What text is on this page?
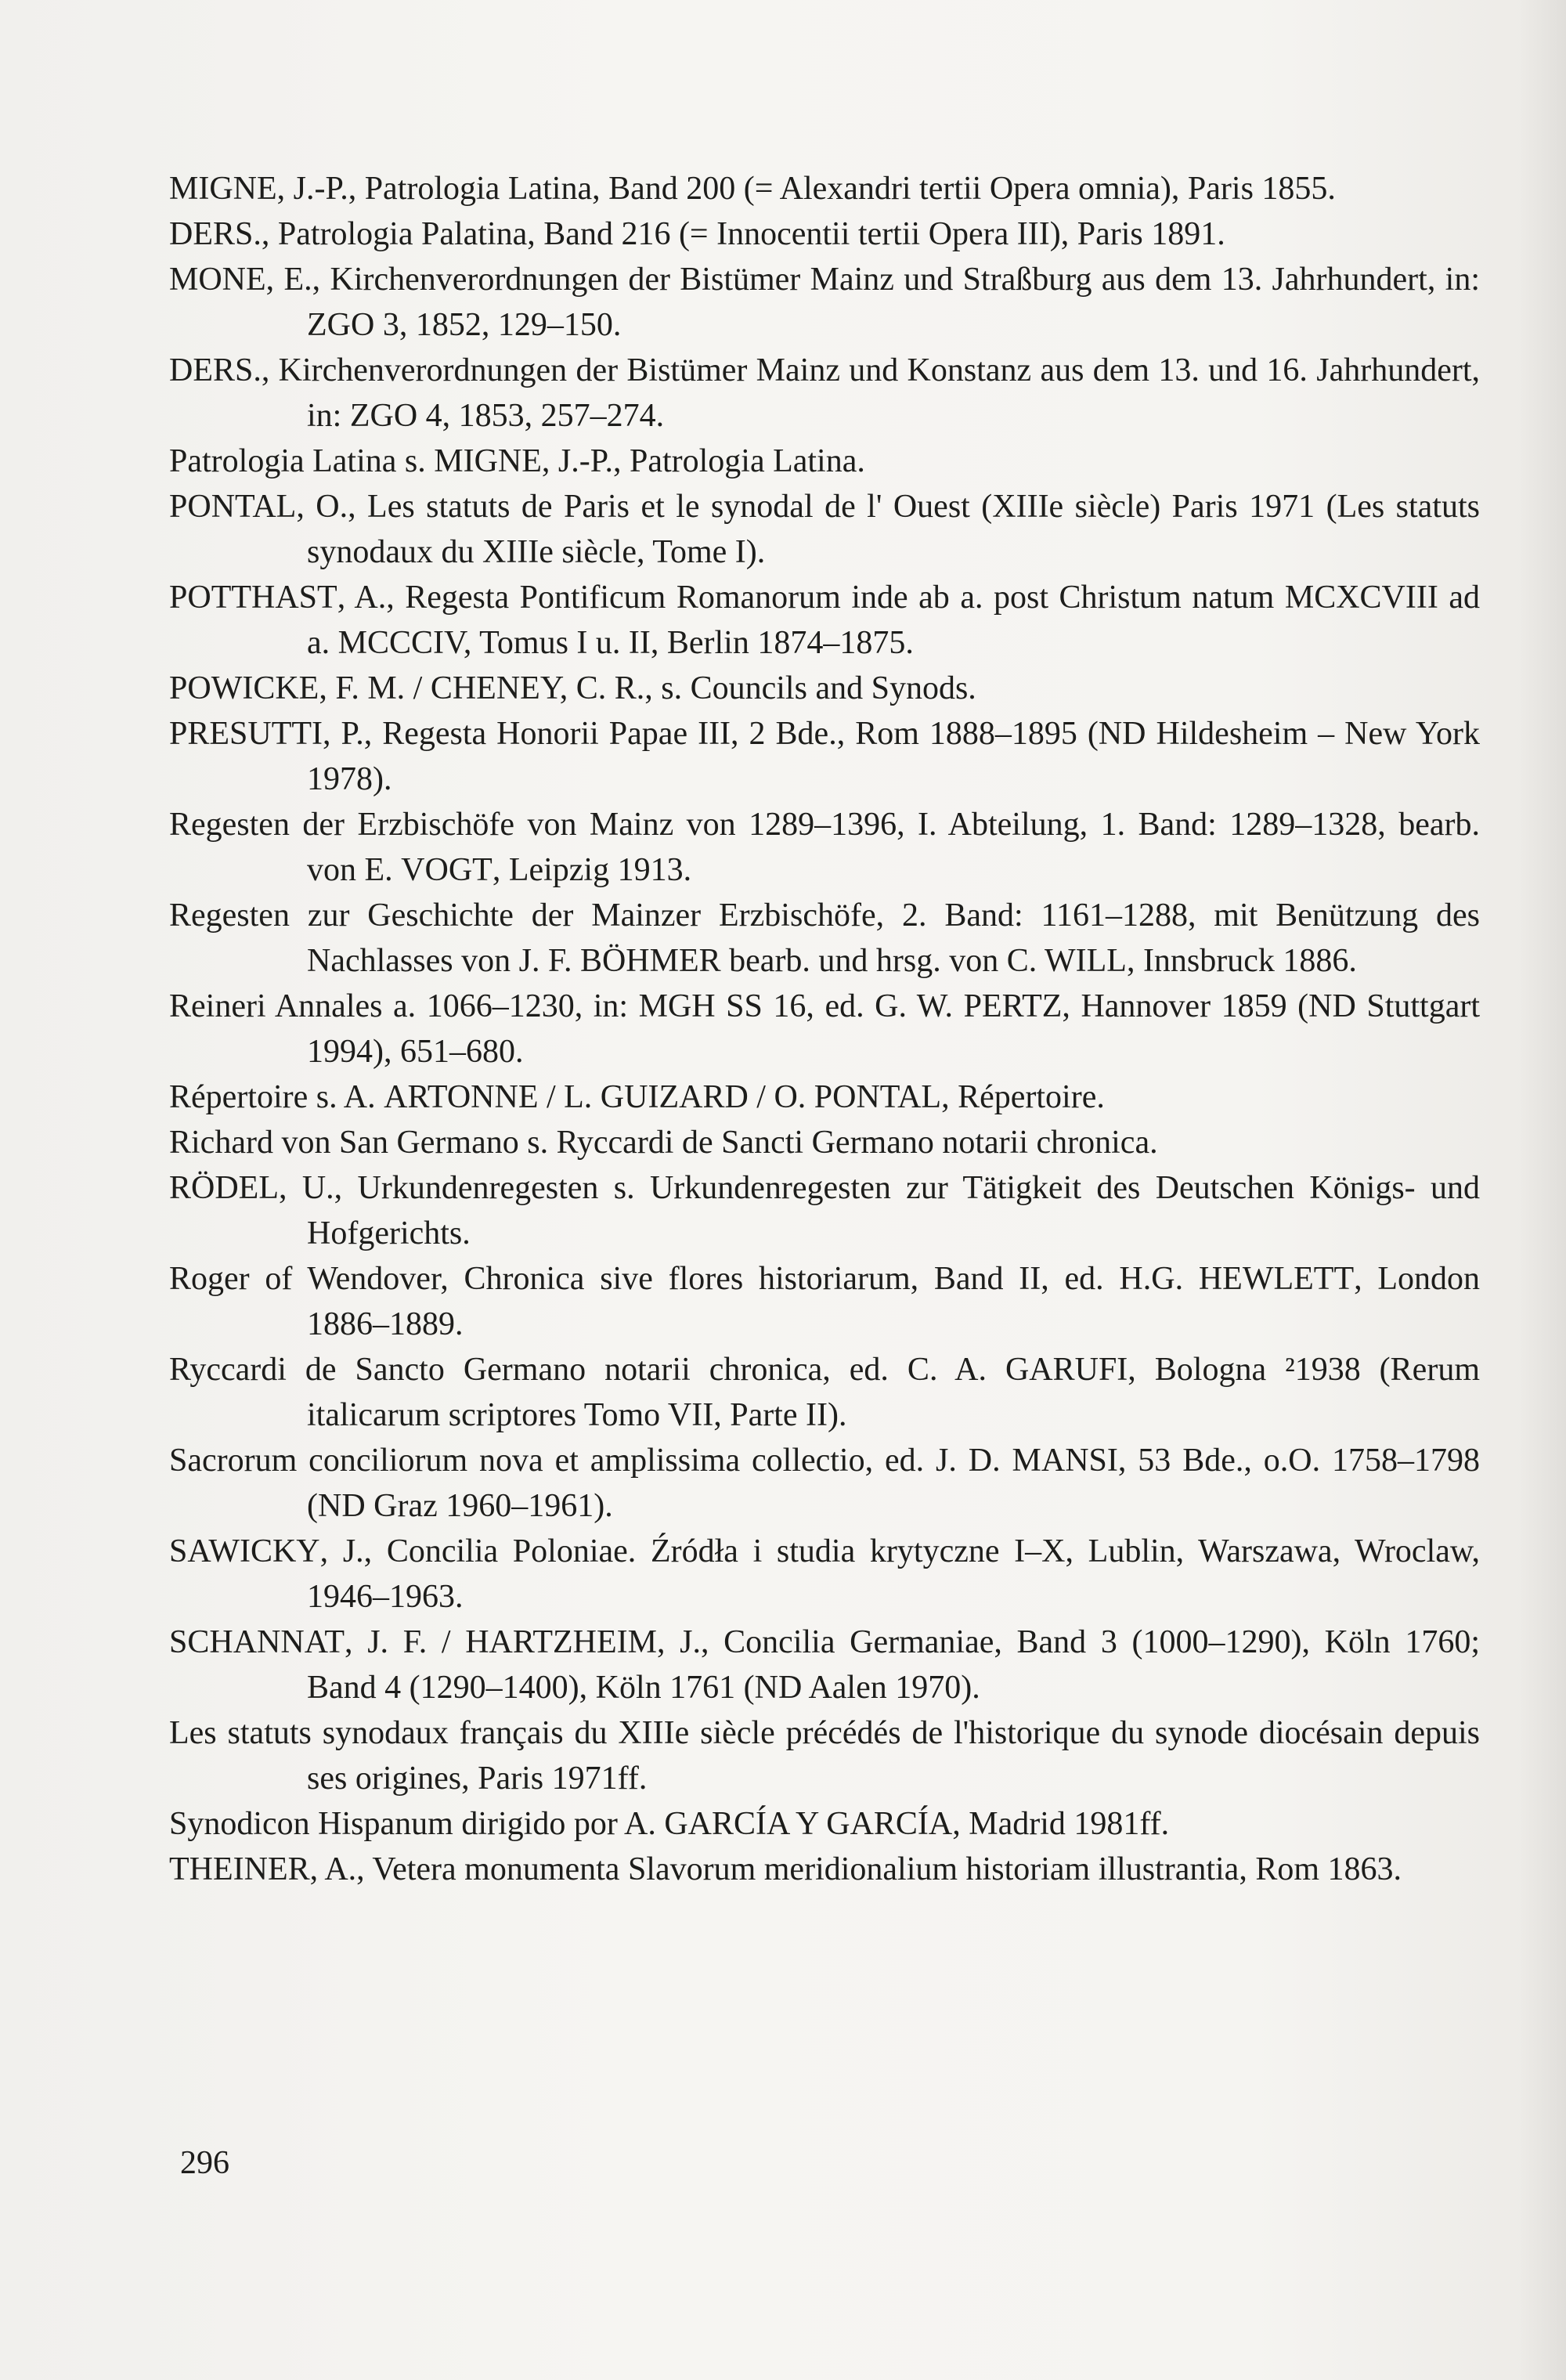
MIGNE, J.-P., Patrologia Latina, Band 200 (= Alexandri tertii Opera omnia), Paris 1855.

DERS., Patrologia Palatina, Band 216 (= Innocentii tertii Opera III), Paris 1891.

MONE, E., Kirchenverordnungen der Bistümer Mainz und Straßburg aus dem 13. Jahrhundert, in: ZGO 3, 1852, 129–150.

DERS., Kirchenverordnungen der Bistümer Mainz und Konstanz aus dem 13. und 16. Jahrhundert, in: ZGO 4, 1853, 257–274.

Patrologia Latina s. MIGNE, J.-P., Patrologia Latina.

PONTAL, O., Les statuts de Paris et le synodal de l' Ouest (XIIIe siècle) Paris 1971 (Les statuts synodaux du XIIIe siècle, Tome I).

POTTHAST, A., Regesta Pontificum Romanorum inde ab a. post Christum natum MCXCVIII ad a. MCCCIV, Tomus I u. II, Berlin 1874–1875.

POWICKE, F. M. / CHENEY, C. R., s. Councils and Synods.

PRESUTTI, P., Regesta Honorii Papae III, 2 Bde., Rom 1888–1895 (ND Hildesheim – New York 1978).

Regesten der Erzbischöfe von Mainz von 1289–1396, I. Abteilung, 1. Band: 1289–1328, bearb. von E. VOGT, Leipzig 1913.

Regesten zur Geschichte der Mainzer Erzbischöfe, 2. Band: 1161–1288, mit Benützung des Nachlasses von J. F. BÖHMER bearb. und hrsg. von C. WILL, Innsbruck 1886.

Reineri Annales a. 1066–1230, in: MGH SS 16, ed. G. W. PERTZ, Hannover 1859 (ND Stuttgart 1994), 651–680.

Répertoire s. A. ARTONNE / L. GUIZARD / O. PONTAL, Répertoire.

Richard von San Germano s. Ryccardi de Sancti Germano notarii chronica.

RÖDEL, U., Urkundenregesten s. Urkundenregesten zur Tätigkeit des Deutschen Königs- und Hofgerichts.

Roger of Wendover, Chronica sive flores historiarum, Band II, ed. H.G. HEWLETT, London 1886–1889.

Ryccardi de Sancto Germano notarii chronica, ed. C. A. GARUFI, Bologna ²1938 (Rerum italicarum scriptores Tomo VII, Parte II).

Sacrorum conciliorum nova et amplissima collectio, ed. J. D. MANSI, 53 Bde., o.O. 1758–1798 (ND Graz 1960–1961).

SAWICKY, J., Concilia Poloniae. Źródła i studia krytyczne I–X, Lublin, Warszawa, Wroclaw, 1946–1963.

SCHANNAT, J. F. / HARTZHEIM, J., Concilia Germaniae, Band 3 (1000–1290), Köln 1760; Band 4 (1290–1400), Köln 1761 (ND Aalen 1970).

Les statuts synodaux français du XIIIe siècle précédés de l'historique du synode diocésain depuis ses origines, Paris 1971ff.

Synodicon Hispanum dirigido por A. GARCÍA Y GARCÍA, Madrid 1981ff.

THEINER, A., Vetera monumenta Slavorum meridionalium historiam illustrantia, Rom 1863.

296
